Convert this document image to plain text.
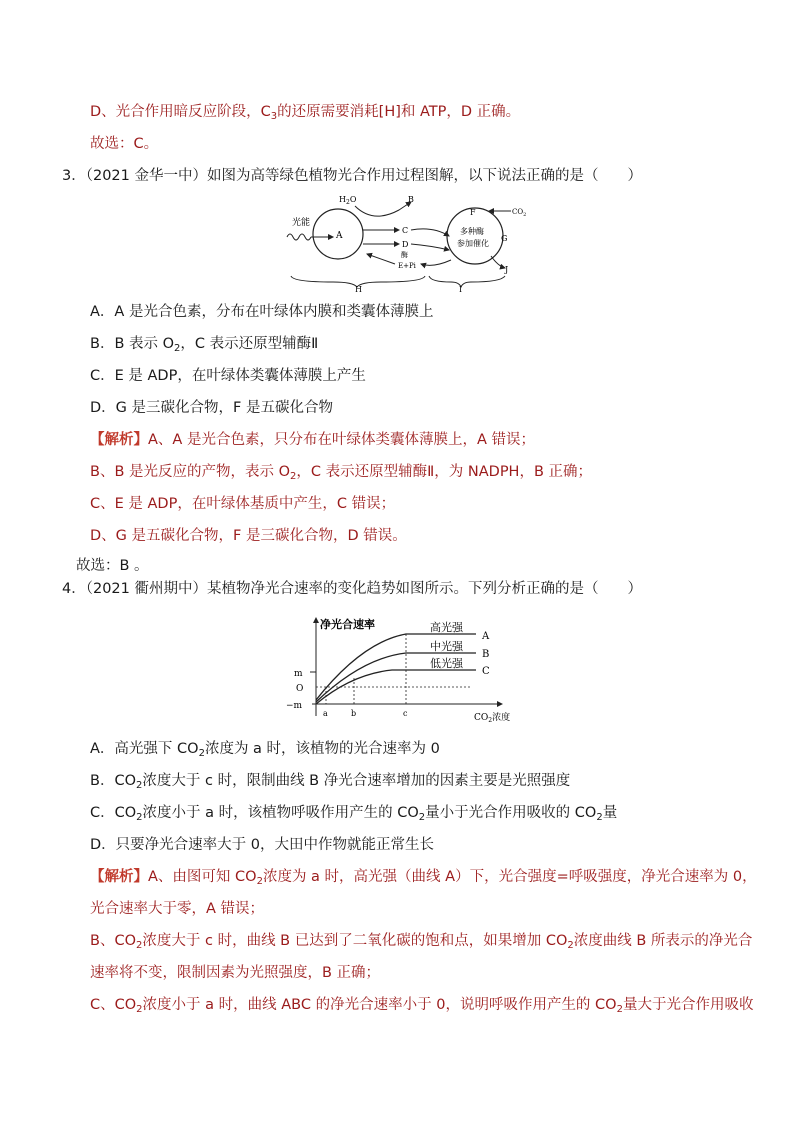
D、光合作用暗反应阶段，$C_3$的还原需要消耗[H]和 ATP，D 正确。
故选：C。
3．（2021 金华一中）如图为高等绿色植物光合作用过程图解，以下说法正确的是（　　）
光能
A
$H_2O$	B
C
D
酶
E+Pi
多种酶
参加催化
F
G
$CO_2$
J
H	I
A．A 是光合色素，分布在叶绿体内膜和类囊体薄膜上
B．B 表示 $O_2$，C 表示还原型辅酶Ⅱ
C．E 是 ADP，在叶绿体类囊体薄膜上产生
D．G 是三碳化合物，F 是五碳化合物
【解析】A、A 是光合色素，只分布在叶绿体类囊体薄膜上，A 错误；
B、B 是光反应的产物，表示 $O_2$，C 表示还原型辅酶Ⅱ，为 NADPH，B 正确；
C、E 是 ADP，在叶绿体基质中产生，C 错误；
D、G 是五碳化合物，F 是三碳化合物，D 错误。
故选：B 。
4．（2021 衢州期中）某植物净光合速率的变化趋势如图所示。下列分析正确的是（　　）
净光合速率
$CO_2$浓度
m
O
−m
a	b	c
高光强
中光强
低光强
A
B
C
A．高光强下 $CO_2$浓度为 a 时，该植物的光合速率为 0
B．$CO_2$浓度大于 c 时，限制曲线 B 净光合速率增加的因素主要是光照强度
C．$CO_2$浓度小于 a 时，该植物呼吸作用产生的 $CO_2$量小于光合作用吸收的 $CO_2$量
D．只要净光合速率大于 0，大田中作物就能正常生长
【解析】A、由图可知 $CO_2$浓度为 a 时，高光强（曲线 A）下，光合强度=呼吸强度，净光合速率为 0，
光合速率大于零，A 错误；
B、$CO_2$浓度大于 c 时，曲线 B 已达到了二氧化碳的饱和点，如果增加 $CO_2$浓度曲线 B 所表示的净光合
速率将不变，限制因素为光照强度，B 正确；
C、$CO_2$浓度小于 a 时，曲线 ABC 的净光合速率小于 0，说明呼吸作用产生的 $CO_2$量大于光合作用吸收
